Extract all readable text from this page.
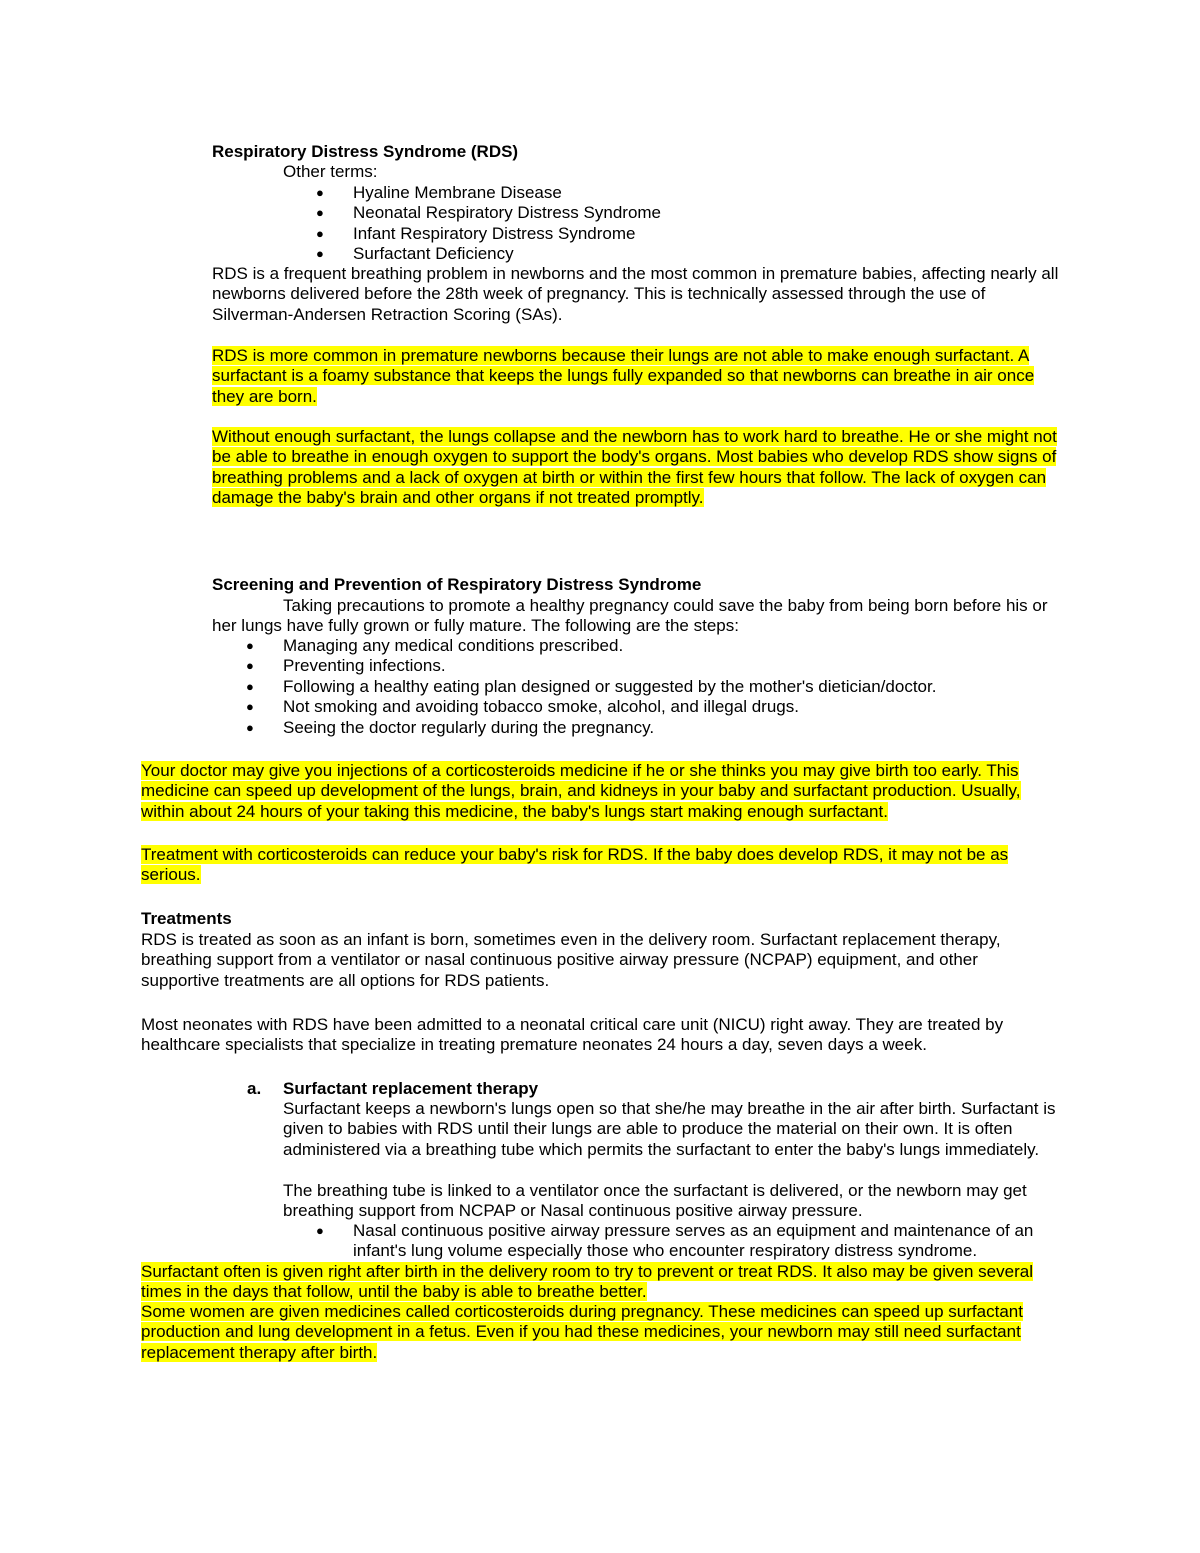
Respiratory Distress Syndrome (RDS)
Other terms:
● Hyaline Membrane Disease
● Neonatal Respiratory Distress Syndrome
● Infant Respiratory Distress Syndrome
● Surfactant Deficiency

RDS is a frequent breathing problem in newborns and the most common in premature babies, affecting nearly all newborns delivered before the 28th week of pregnancy. This is technically assessed through the use of Silverman-Andersen Retraction Scoring (SAs).

RDS is more common in premature newborns because their lungs are not able to make enough surfactant. A surfactant is a foamy substance that keeps the lungs fully expanded so that newborns can breathe in air once they are born.

Without enough surfactant, the lungs collapse and the newborn has to work hard to breathe. He or she might not be able to breathe in enough oxygen to support the body's organs. Most babies who develop RDS show signs of breathing problems and a lack of oxygen at birth or within the first few hours that follow. The lack of oxygen can damage the baby's brain and other organs if not treated promptly.

Screening and Prevention of Respiratory Distress Syndrome

Taking precautions to promote a healthy pregnancy could save the baby from being born before his or her lungs have fully grown or fully mature. The following are the steps:

● Managing any medical conditions prescribed.
● Preventing infections.
● Following a healthy eating plan designed or suggested by the mother's dietician/doctor.
● Not smoking and avoiding tobacco smoke, alcohol, and illegal drugs.
● Seeing the doctor regularly during the pregnancy.

Your doctor may give you injections of a corticosteroids medicine if he or she thinks you may give birth too early. This medicine can speed up development of the lungs, brain, and kidneys in your baby and surfactant production. Usually, within about 24 hours of your taking this medicine, the baby's lungs start making enough surfactant.

Treatment with corticosteroids can reduce your baby's risk for RDS. If the baby does develop RDS, it may not be as serious.

Treatments

RDS is treated as soon as an infant is born, sometimes even in the delivery room. Surfactant replacement therapy, breathing support from a ventilator or nasal continuous positive airway pressure (NCPAP) equipment, and other supportive treatments are all options for RDS patients.

Most neonates with RDS have been admitted to a neonatal critical care unit (NICU) right away. They are treated by healthcare specialists that specialize in treating premature neonates 24 hours a day, seven days a week.

a. Surfactant replacement therapy

Surfactant keeps a newborn's lungs open so that she/he may breathe in the air after birth. Surfactant is given to babies with RDS until their lungs are able to produce the material on their own. It is often administered via a breathing tube which permits the surfactant to enter the baby's lungs immediately.

The breathing tube is linked to a ventilator once the surfactant is delivered, or the newborn may get breathing support from NCPAP or Nasal continuous positive airway pressure.

● Nasal continuous positive airway pressure serves as an equipment and maintenance of an infant's lung volume especially those who encounter respiratory distress syndrome.

Surfactant often is given right after birth in the delivery room to try to prevent or treat RDS. It also may be given several times in the days that follow, until the baby is able to breathe better.

Some women are given medicines called corticosteroids during pregnancy. These medicines can speed up surfactant production and lung development in a fetus. Even if you had these medicines, your newborn may still need surfactant replacement therapy after birth.
